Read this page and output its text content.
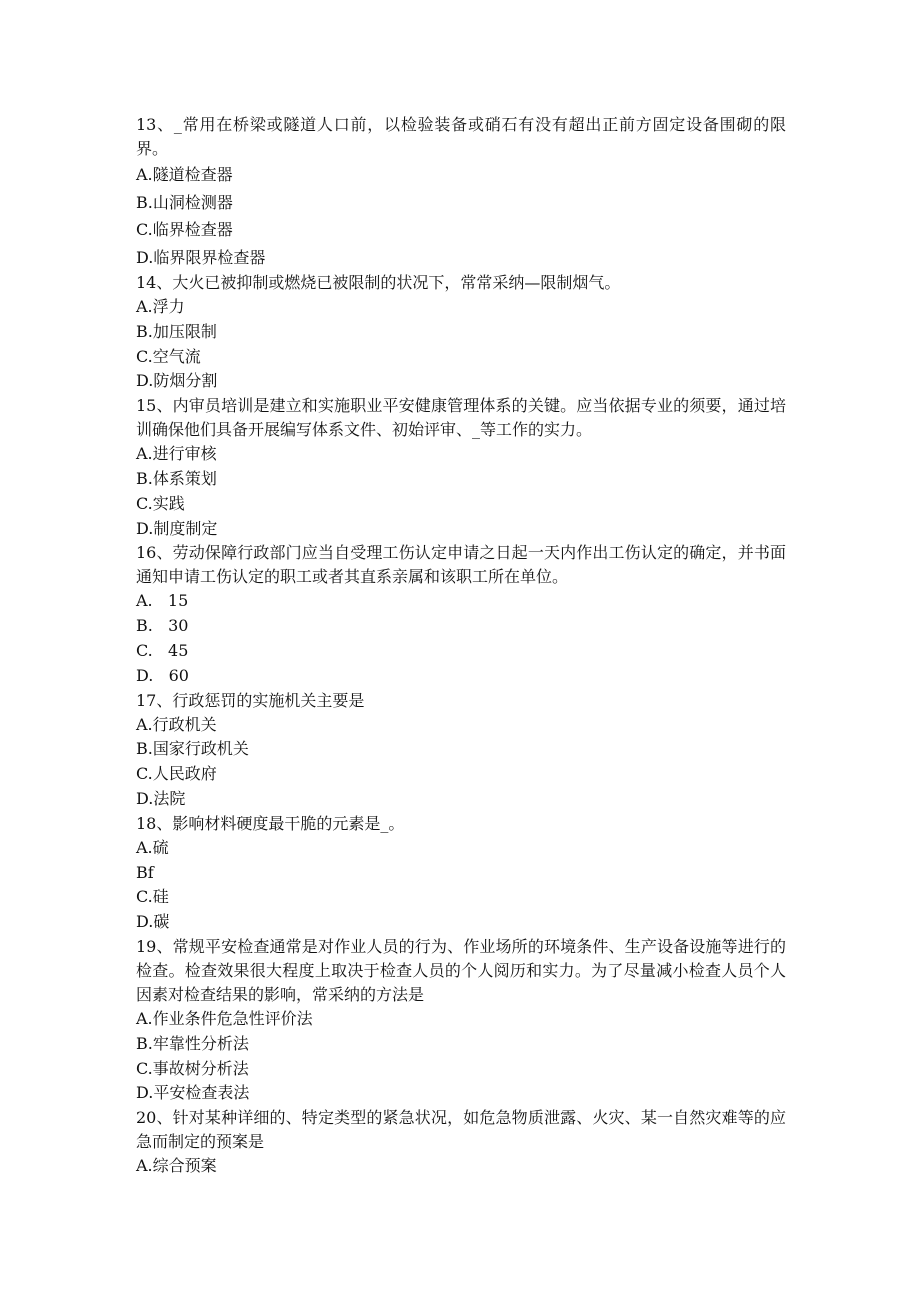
13、_常用在桥梁或隧道人口前，以检验装备或硝石有没有超出正前方固定设备围砌的限界。

A.隧道检查器

B.山洞检测器

C.临界检查器

D.临界限界检查器

14、大火已被抑制或燃烧已被限制的状况下，常常采纳—限制烟气。

A.浮力

B.加压限制

C.空气流

D.防烟分割

15、内审员培训是建立和实施职业平安健康管理体系的关键。应当依据专业的须要，通过培训确保他们具备开展编写体系文件、初始评审、_等工作的实力。

A.进行审核

B.体系策划

C.实践

D.制度制定

16、劳动保障行政部门应当自受理工伤认定申请之日起一天内作出工伤认定的确定，并书面通知申请工伤认定的职工或者其直系亲属和该职工所在单位。

A.   15

B.   30

C.   45

D.   60

17、行政惩罚的实施机关主要是

A.行政机关

B.国家行政机关

C.人民政府

D.法院

18、影响材料硬度最干脆的元素是_。

A.硫

Bf

C.硅

D.碳

19、常规平安检查通常是对作业人员的行为、作业场所的环境条件、生产设备设施等进行的检查。检查效果很大程度上取决于检查人员的个人阅历和实力。为了尽量减小检查人员个人因素对检查结果的影响，常采纳的方法是

A.作业条件危急性评价法

B.牢靠性分析法

C.事故树分析法

D.平安检查表法

20、针对某种详细的、特定类型的紧急状况，如危急物质泄露、火灾、某一自然灾难等的应急而制定的预案是

A.综合预案
